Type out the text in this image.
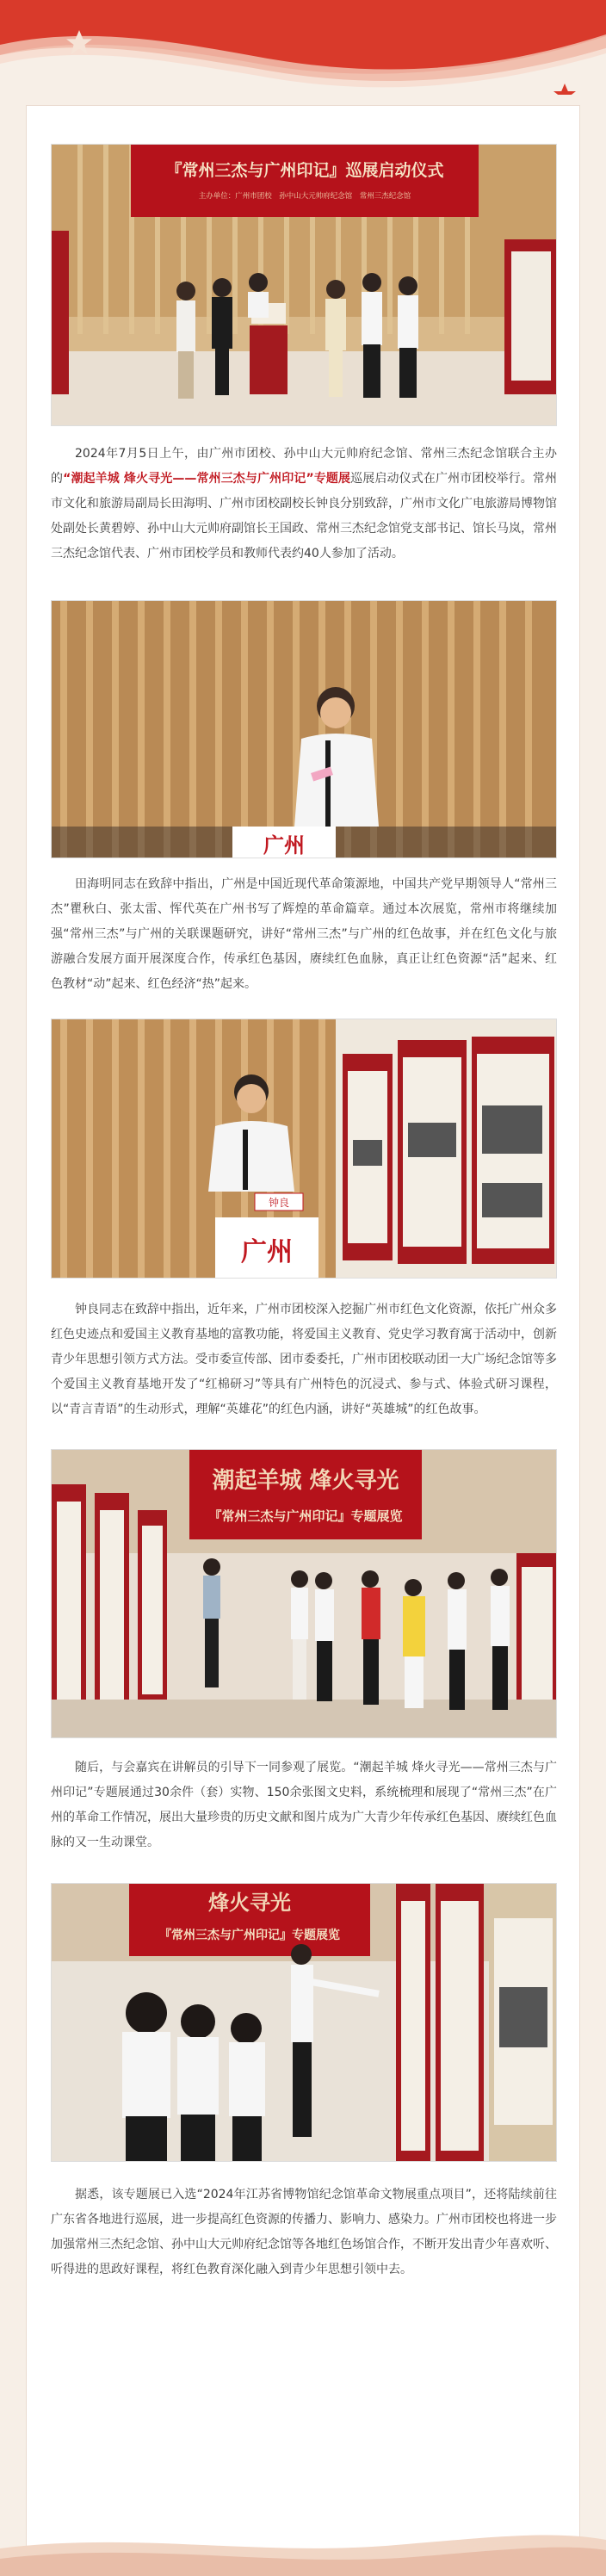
『常州三杰与广州印记』巡展启动仪式
主办单位：广州市团校　孙中山大元帅府纪念馆　常州三杰纪念馆

2024年7月5日上午，由广州市团校、孙中山大元帅府纪念馆、常州三杰纪念馆联合主办的“潮起羊城 烽火寻光——常州三杰与广州印记”专题展巡展启动仪式在广州市团校举行。常州市文化和旅游局副局长田海明、广州市团校副校长钟良分别致辞，广州市文化广电旅游局博物馆处副处长黄碧婷、孙中山大元帅府副馆长王国政、常州三杰纪念馆党支部书记、馆长马岚，常州三杰纪念馆代表、广州市团校学员和教师代表约40人参加了活动。

广州

田海明同志在致辞中指出，广州是中国近现代革命策源地，中国共产党早期领导人“常州三杰”瞿秋白、张太雷、恽代英在广州书写了辉煌的革命篇章。通过本次展览，常州市将继续加强“常州三杰”与广州的关联课题研究，讲好“常州三杰”与广州的红色故事，并在红色文化与旅游融合发展方面开展深度合作，传承红色基因，赓续红色血脉，真正让红色资源“活”起来、红色教材“动”起来、红色经济“热”起来。

钟良
广州

钟良同志在致辞中指出，近年来，广州市团校深入挖掘广州市红色文化资源，依托广州众多红色史迹点和爱国主义教育基地的富教功能，将爱国主义教育、党史学习教育寓于活动中，创新青少年思想引领方式方法。受市委宣传部、团市委委托，广州市团校联动团一大广场纪念馆等多个爱国主义教育基地开发了“红棉研习”等具有广州特色的沉浸式、参与式、体验式研习课程，以“青言青语”的生动形式，理解“英雄花”的红色内涵，讲好“英雄城”的红色故事。

潮起羊城 烽火寻光
『常州三杰与广州印记』专题展览

随后，与会嘉宾在讲解员的引导下一同参观了展览。“潮起羊城 烽火寻光——常州三杰与广州印记”专题展通过30余件（套）实物、150余张图文史料，系统梳理和展现了“常州三杰”在广州的革命工作情况，展出大量珍贵的历史文献和图片成为广大青少年传承红色基因、赓续红色血脉的又一生动课堂。

烽火寻光
『常州三杰与广州印记』专题展览

据悉，该专题展已入选“2024年江苏省博物馆纪念馆革命文物展重点项目”，还将陆续前往广东省各地进行巡展，进一步提高红色资源的传播力、影响力、感染力。广州市团校也将进一步加强常州三杰纪念馆、孙中山大元帅府纪念馆等各地红色场馆合作，不断开发出青少年喜欢听、听得进的思政好课程，将红色教育深化融入到青少年思想引领中去。
